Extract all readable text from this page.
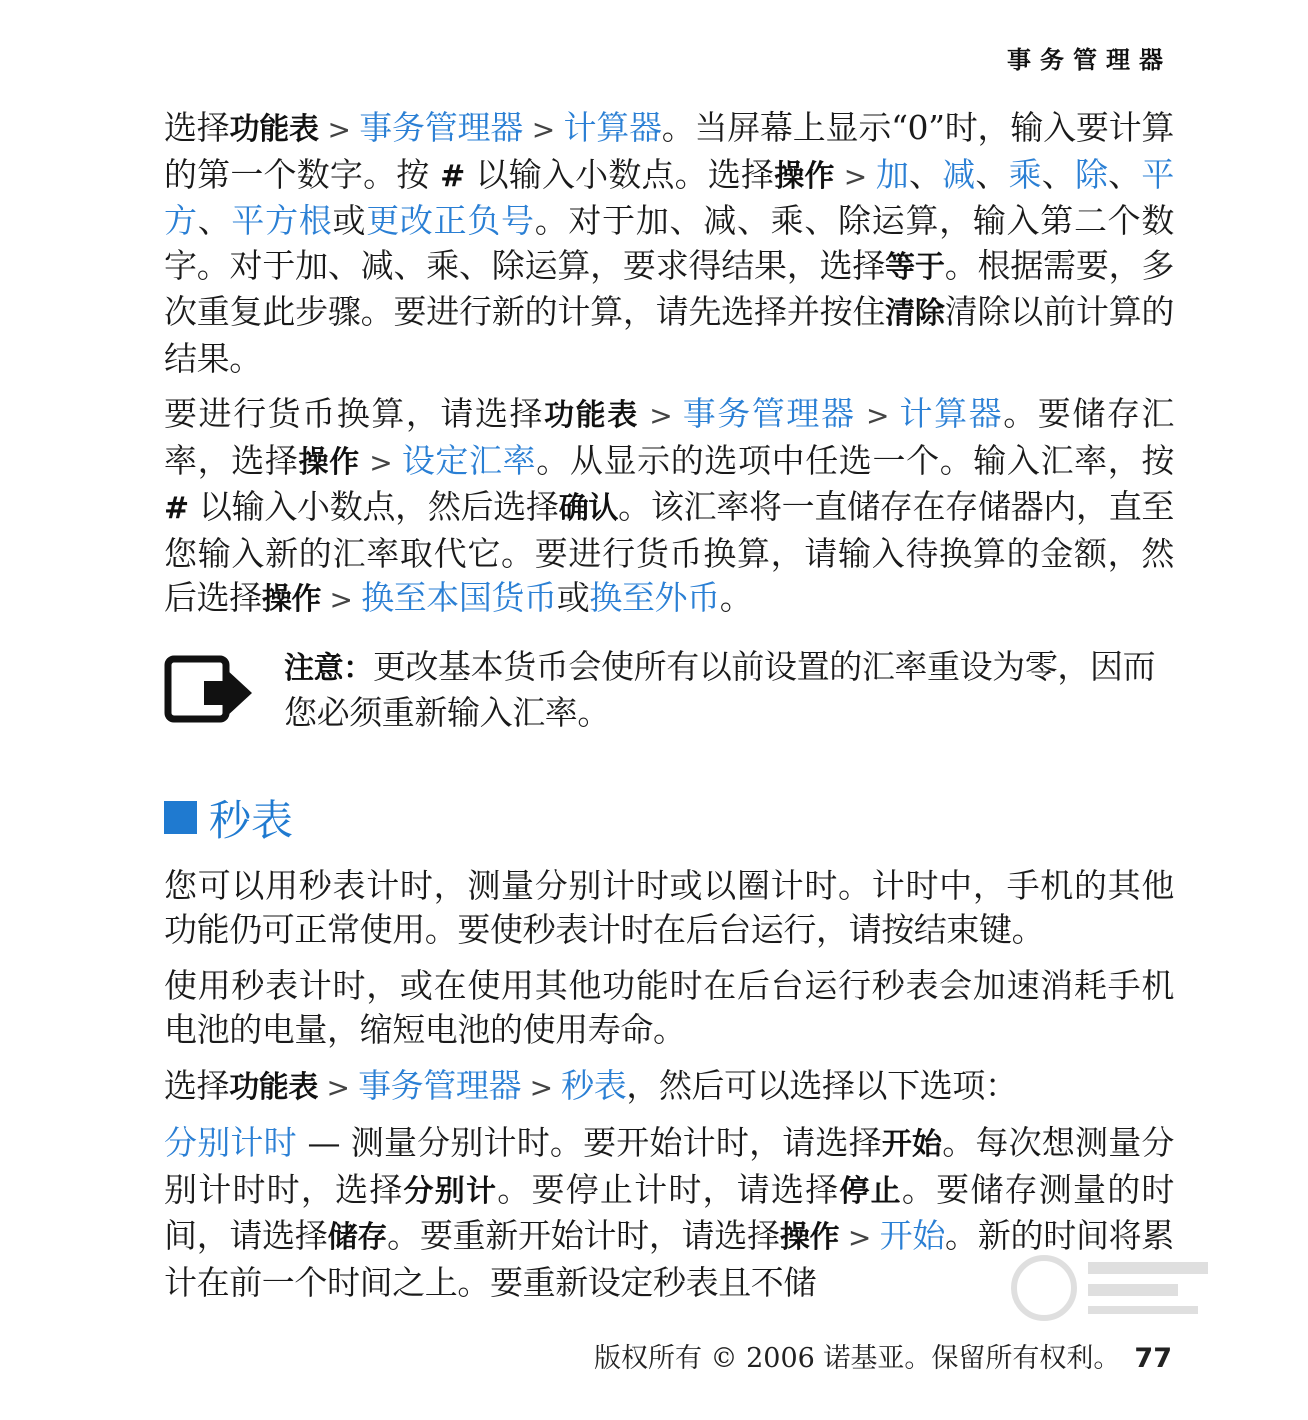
事务管理器

选择功能表 > 事务管理器 > 计算器。当屏幕上显示“0”时，输入要计算的第一个数字。按 # 以输入小数点。选择操作 > 加、减、乘、除、平方、平方根或更改正负号。对于加、减、乘、除运算，输入第二个数字。对于加、减、乘、除运算，要求得结果，选择等于。根据需要，多次重复此步骤。要进行新的计算，请先选择并按住清除清除以前计算的结果。

要进行货币换算，请选择功能表 > 事务管理器 > 计算器。要储存汇率，选择操作 > 设定汇率。从显示的选项中任选一个。输入汇率，按 # 以输入小数点，然后选择确认。该汇率将一直储存在存储器内，直至您输入新的汇率取代它。要进行货币换算，请输入待换算的金额，然后选择操作 > 换至本国货币或换至外币。

注意：更改基本货币会使所有以前设置的汇率重设为零，因而您必须重新输入汇率。
秒表

您可以用秒表计时，测量分别计时或以圈计时。计时中，手机的其他功能仍可正常使用。要使秒表计时在后台运行，请按结束键。

使用秒表计时，或在使用其他功能时在后台运行秒表会加速消耗手机电池的电量，缩短电池的使用寿命。

选择功能表 > 事务管理器 > 秒表，然后可以选择以下选项：

分别计时 — 测量分别计时。要开始计时，请选择开始。每次想测量分别计时时，选择分别计。要停止计时，请选择停止。要储存测量的时间，请选择储存。要重新开始计时，请选择操作 > 开始。新的时间将累计在前一个时间之上。要重新设定秒表且不储

版权所有 © 2006 诺基亚。保留所有权利。 77
